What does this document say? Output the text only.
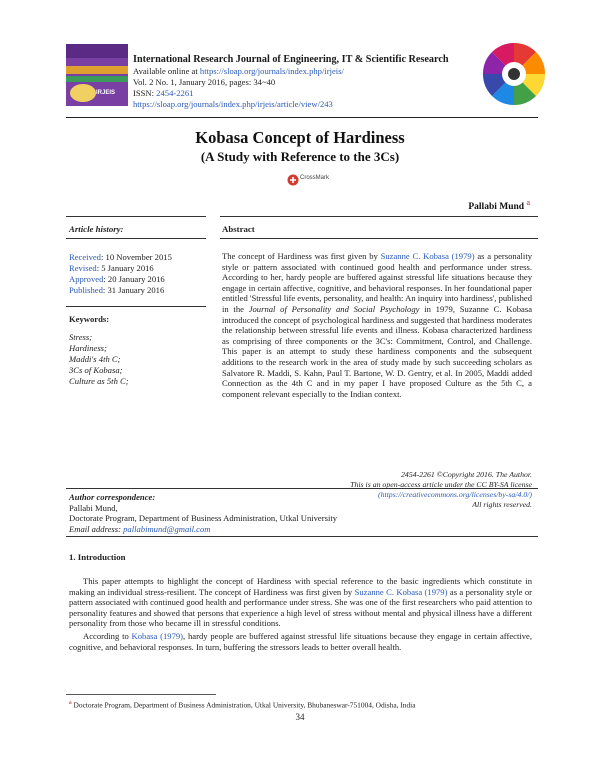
IRJEIS
International Research Journal of Engineering, IT & Scientific Research
Available online at https://sloap.org/journals/index.php/irjeis/
Vol. 2 No. 1, January 2016, pages: 34~40
ISSN: 2454-2261
https://sloap.org/journals/index.php/irjeis/article/view/243
Kobasa Concept of Hardiness
(A Study with Reference to the 3Cs)
CrossMark
Pallabi Mund $^a$
Article history:	Abstract
Received: 10 November 2015
Revised: 5 January 2016
Approved: 20 January 2016
Published: 31 January 2016
Keywords:
Stress;
Hardiness;
Maddi's 4th C;
3Cs of Kobasa;
Culture as 5th C;
The concept of Hardiness was first given by Suzanne C. Kobasa (1979) as a personality style or pattern associated with continued good health and performance under stress. According to her, hardy people are buffered against stressful life situations because they engage in certain affective, cognitive, and behavioral responses. In her foundational paper entitled 'Stressful life events, personality, and health: An inquiry into hardiness', published in the Journal of Personality and Social Psychology in 1979, Suzanne C. Kobasa introduced the concept of psychological hardiness and suggested that hardiness moderates the relationship between stressful life events and illness. Kobasa characterized hardiness as comprising of three components or the 3C's: Commitment, Control, and Challenge. This paper is an attempt to study these hardiness components and the subsequent additions to the research work in the area of study made by such succeeding scholars as Salvatore R. Maddi, S. Kahn, Paul T. Bartone, W. D. Gentry, et al. In 2005, Maddi added Connection as the 4th C and in my paper I have proposed Culture as the 5th C, a component relevant especially to the Indian context.
2454-2261 ©Copyright 2016. The Author.
This is an open-access article under the CC BY-SA license
(https://creativecommons.org/licenses/by-sa/4.0/)
All rights reserved.
Author correspondence:
Pallabi Mund,
Doctorate Program, Department of Business Administration, Utkal University
Email address: pallabimund@gmail.com
1. Introduction

This paper attempts to highlight the concept of Hardiness with special reference to the basic ingredients which constitute in making an individual stress-resilient. The concept of Hardiness was first given by Suzanne C. Kobasa (1979) as a personality style or pattern associated with continued good health and performance under stress. She was one of the first researchers who paid attention to personality features and showed that persons that experience a high level of stress without mental and physical illness have a different personality from those who became ill in stressful conditions.

According to Kobasa (1979), hardy people are buffered against stressful life situations because they engage in certain affective, cognitive, and behavioral responses. In turn, buffering the stressors leads to better overall health.

$^a$ Doctorate Program, Department of Business Administration, Utkal University, Bhubaneswar-751004, Odisha, India
34
